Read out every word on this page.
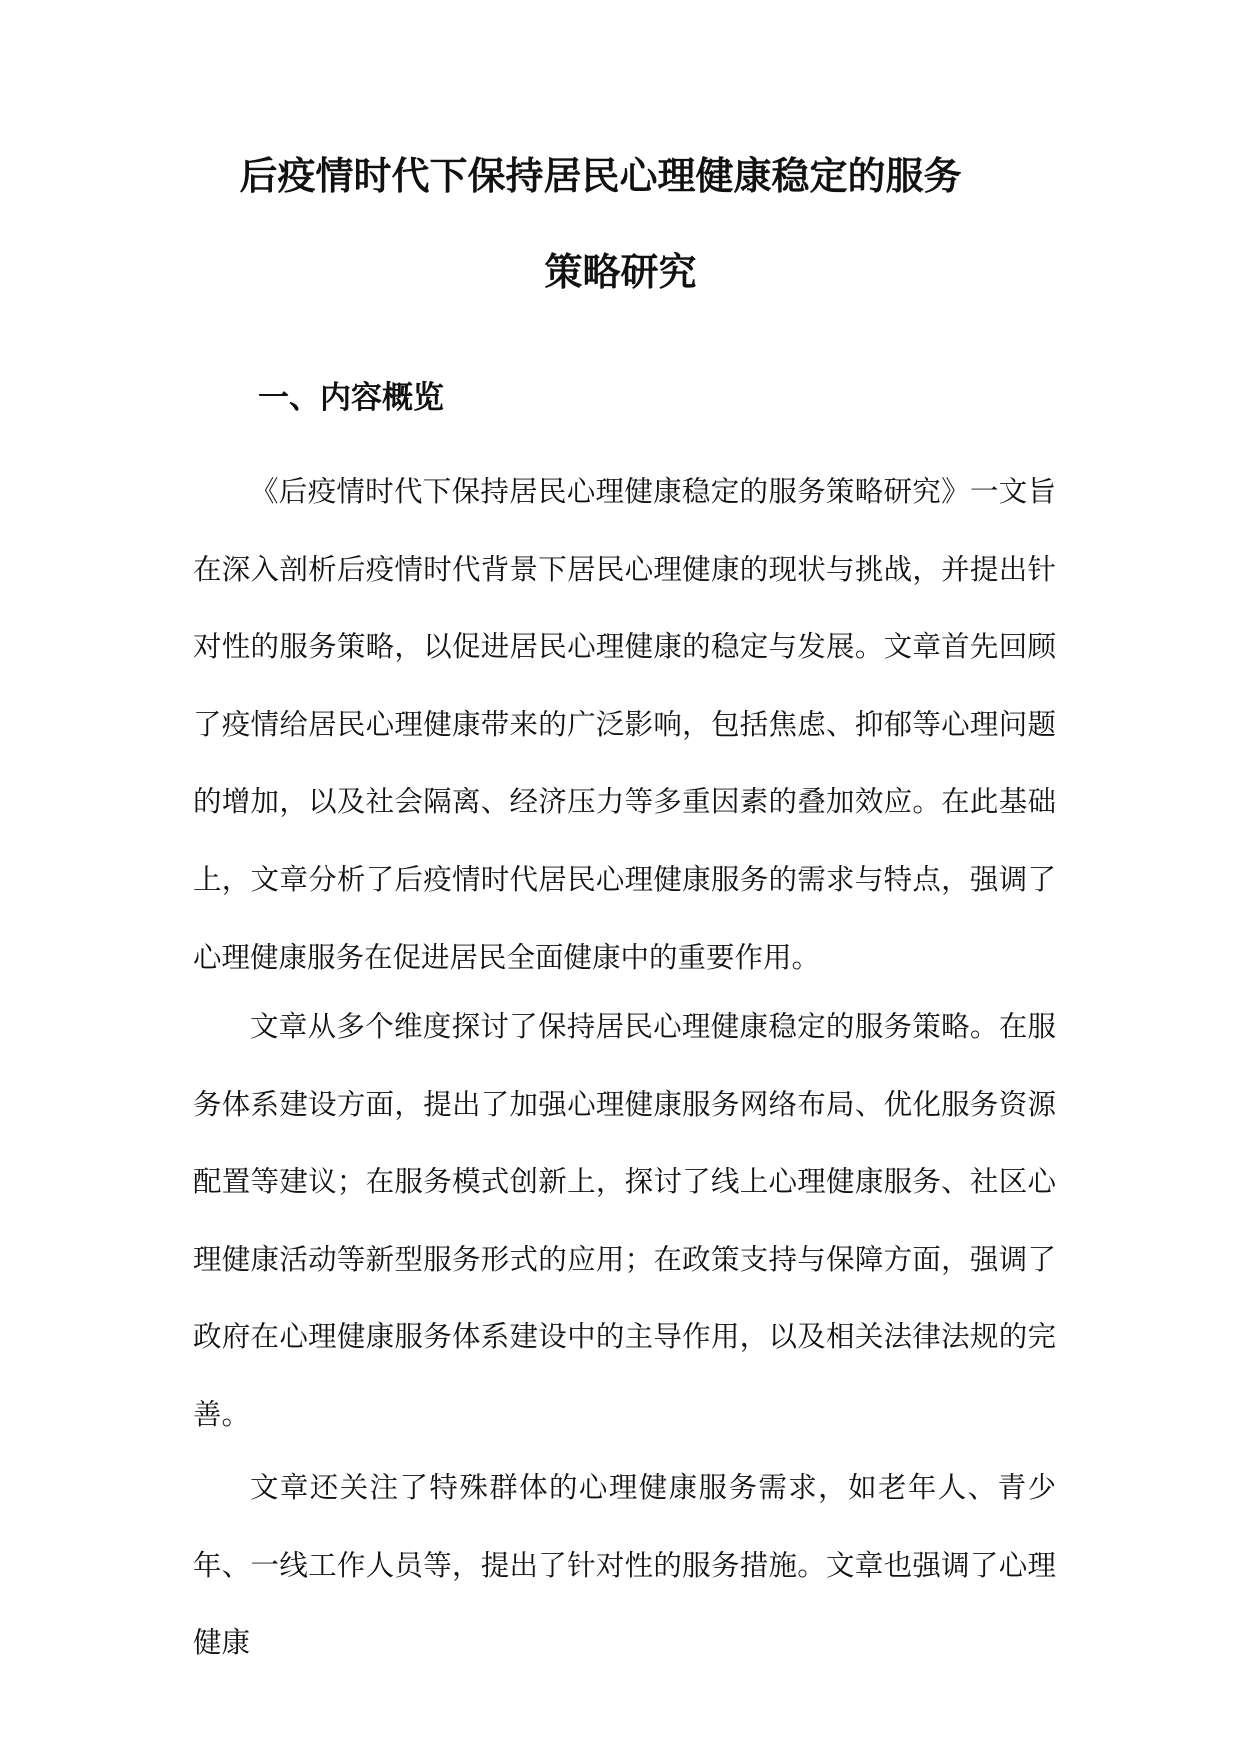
后疫情时代下保持居民心理健康稳定的服务
策略研究
一、内容概览

《后疫情时代下保持居民心理健康稳定的服务策略研究》一文旨在深入剖析后疫情时代背景下居民心理健康的现状与挑战，并提出针对性的服务策略，以促进居民心理健康的稳定与发展。文章首先回顾了疫情给居民心理健康带来的广泛影响，包括焦虑、抑郁等心理问题的增加，以及社会隔离、经济压力等多重因素的叠加效应。在此基础上，文章分析了后疫情时代居民心理健康服务的需求与特点，强调了心理健康服务在促进居民全面健康中的重要作用。

文章从多个维度探讨了保持居民心理健康稳定的服务策略。在服务体系建设方面，提出了加强心理健康服务网络布局、优化服务资源配置等建议；在服务模式创新上，探讨了线上心理健康服务、社区心理健康活动等新型服务形式的应用；在政策支持与保障方面，强调了政府在心理健康服务体系建设中的主导作用，以及相关法律法规的完善。

文章还关注了特殊群体的心理健康服务需求，如老年人、青少年、一线工作人员等，提出了针对性的服务措施。文章也强调了心理健康
